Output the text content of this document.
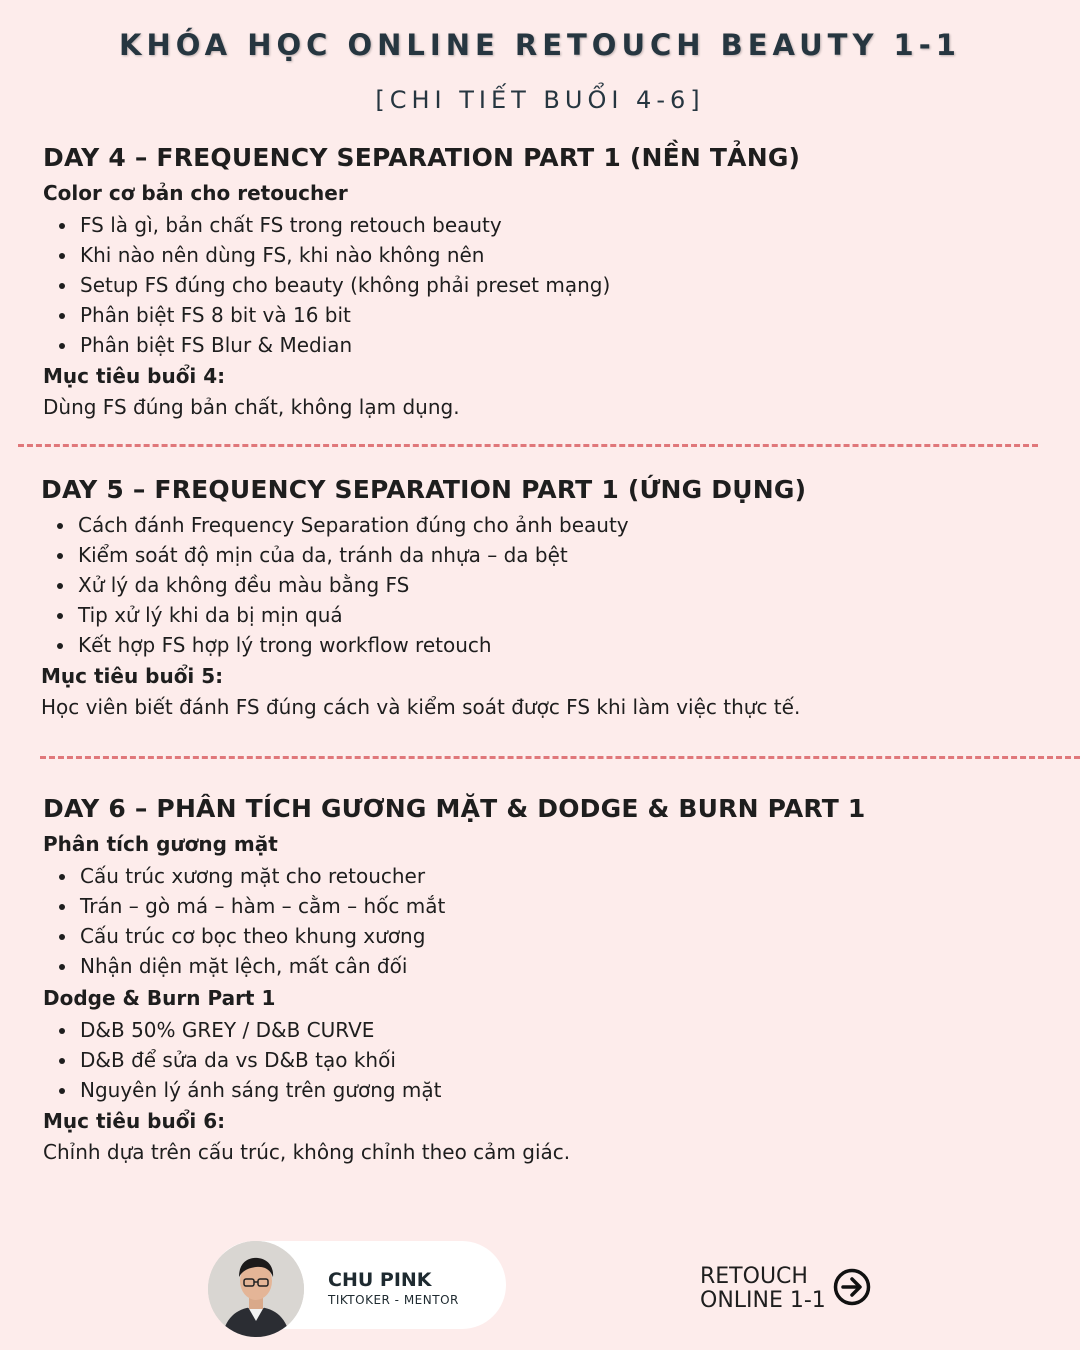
KHÓA HỌC ONLINE RETOUCH BEAUTY 1-1
[CHI TIẾT BUỔI 4-6]
DAY 4 – FREQUENCY SEPARATION PART 1 (NỀN TẢNG)
Color cơ bản cho retoucher
FS là gì, bản chất FS trong retouch beauty
Khi nào nên dùng FS, khi nào không nên
Setup FS đúng cho beauty (không phải preset mạng)
Phân biệt FS 8 bit và 16 bit
Phân biệt FS Blur & Median
Mục tiêu buổi 4:
Dùng FS đúng bản chất, không lạm dụng.
DAY 5 – FREQUENCY SEPARATION PART 1 (ỨNG DỤNG)
Cách đánh Frequency Separation đúng cho ảnh beauty
Kiểm soát độ mịn của da, tránh da nhựa – da bệt
Xử lý da không đều màu bằng FS
Tip xử lý khi da bị mịn quá
Kết hợp FS hợp lý trong workflow retouch
Mục tiêu buổi 5:
Học viên biết đánh FS đúng cách và kiểm soát được FS khi làm việc thực tế.
DAY 6 – PHÂN TÍCH GƯƠNG MẶT & DODGE & BURN PART 1
Phân tích gương mặt
Cấu trúc xương mặt cho retoucher
Trán – gò má – hàm – cằm – hốc mắt
Cấu trúc cơ bọc theo khung xương
Nhận diện mặt lệch, mất cân đối
Dodge & Burn Part 1
D&B 50% GREY / D&B CURVE
D&B để sửa da vs D&B tạo khối
Nguyên lý ánh sáng trên gương mặt
Mục tiêu buổi 6:
Chỉnh dựa trên cấu trúc, không chỉnh theo cảm giác.
CHU PINK
TIKTOKER - MENTOR
RETOUCH
ONLINE 1-1
